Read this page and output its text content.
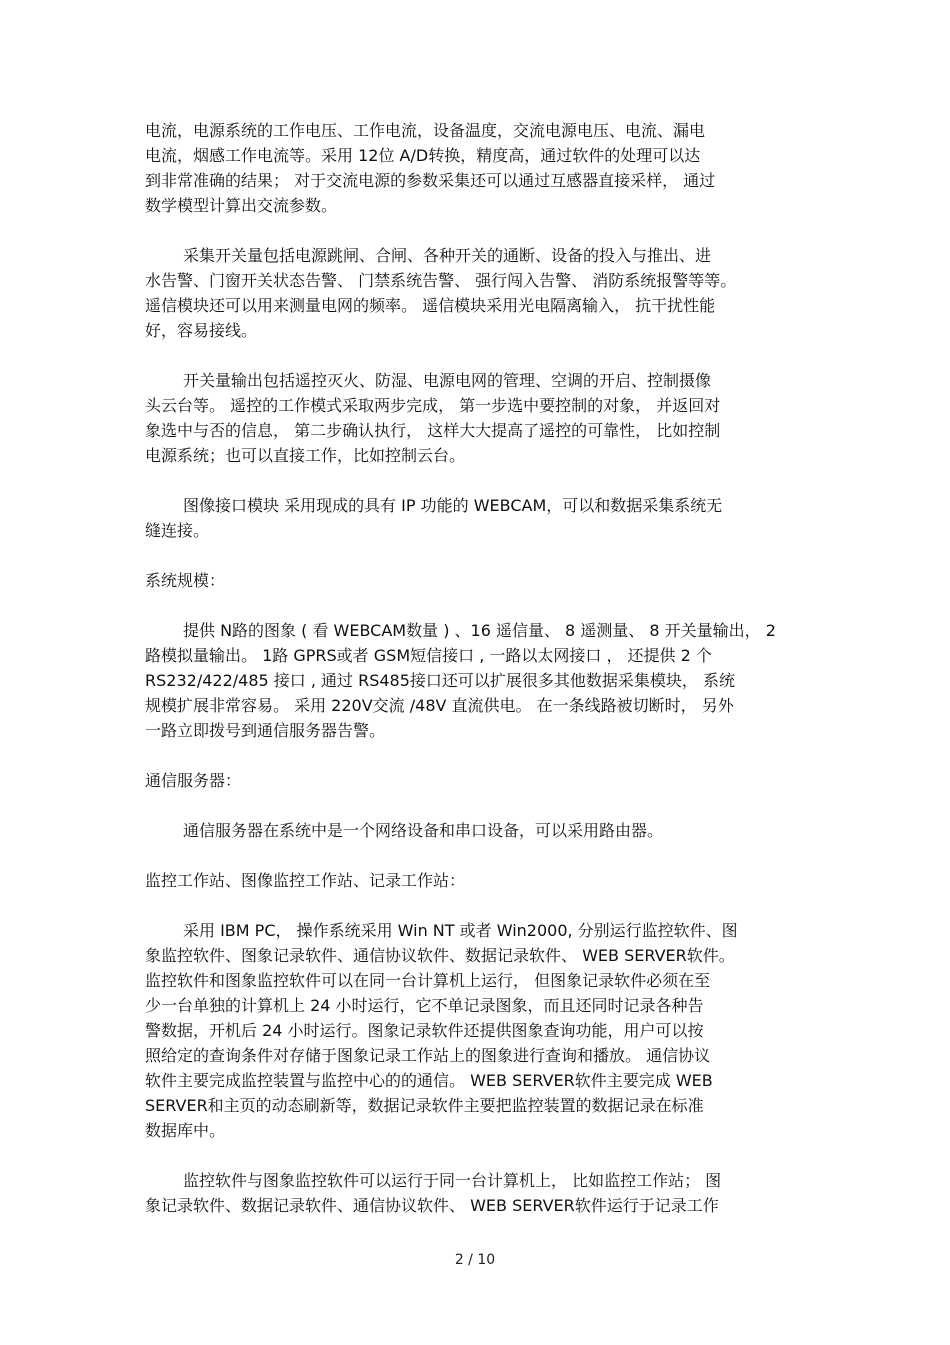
电流，电源系统的工作电压、工作电流，设备温度，交流电源电压、电流、漏电
电流，烟感工作电流等。采用 12位 A/D转换，精度高，通过软件的处理可以达
到非常准确的结果； 对于交流电源的参数采集还可以通过互感器直接采样， 通过
数学模型计算出交流参数。
采集开关量包括电源跳闸、合闸、各种开关的通断、设备的投入与推出、进
水告警、门窗开关状态告警、 门禁系统告警、 强行闯入告警、 消防系统报警等等。
遥信模块还可以用来测量电网的频率。 遥信模块采用光电隔离输入， 抗干扰性能
好，容易接线。
开关量输出包括遥控灭火、防湿、电源电网的管理、空调的开启、控制摄像
头云台等。 遥控的工作模式采取两步完成， 第一步选中要控制的对象， 并返回对
象选中与否的信息， 第二步确认执行， 这样大大提高了遥控的可靠性， 比如控制
电源系统；也可以直接工作，比如控制云台。
图像接口模块 采用现成的具有 IP 功能的 WEBCAM，可以和数据采集系统无
缝连接。
系统规模：
提供 N路的图象 ( 看 WEBCAM数量 ) 、16 遥信量、 8 遥测量、 8 开关量输出， 2
路模拟量输出。 1路 GPRS或者 GSM短信接口 , 一路以太网接口 ， 还提供 2 个
RS232/422/485 接口 , 通过 RS485接口还可以扩展很多其他数据采集模块， 系统
规模扩展非常容易。 采用 220V交流 /48V 直流供电。 在一条线路被切断时， 另外
一路立即拨号到通信服务器告警。
通信服务器：
通信服务器在系统中是一个网络设备和串口设备，可以采用路由器。
监控工作站、图像监控工作站、记录工作站：
采用 IBM PC， 操作系统采用 Win NT 或者 Win2000, 分别运行监控软件、图
象监控软件、图象记录软件、通信协议软件、数据记录软件、 WEB SERVER软件。
监控软件和图象监控软件可以在同一台计算机上运行， 但图象记录软件必须在至
少一台单独的计算机上 24 小时运行，它不单记录图象，而且还同时记录各种告
警数据，开机后 24 小时运行。图象记录软件还提供图象查询功能，用户可以按
照给定的查询条件对存储于图象记录工作站上的图象进行查询和播放。 通信协议
软件主要完成监控装置与监控中心的的通信。 WEB SERVER软件主要完成 WEB
SERVER和主页的动态刷新等，数据记录软件主要把监控装置的数据记录在标准
数据库中。
监控软件与图象监控软件可以运行于同一台计算机上， 比如监控工作站； 图
象记录软件、数据记录软件、通信协议软件、 WEB SERVER软件运行于记录工作
2 / 10
